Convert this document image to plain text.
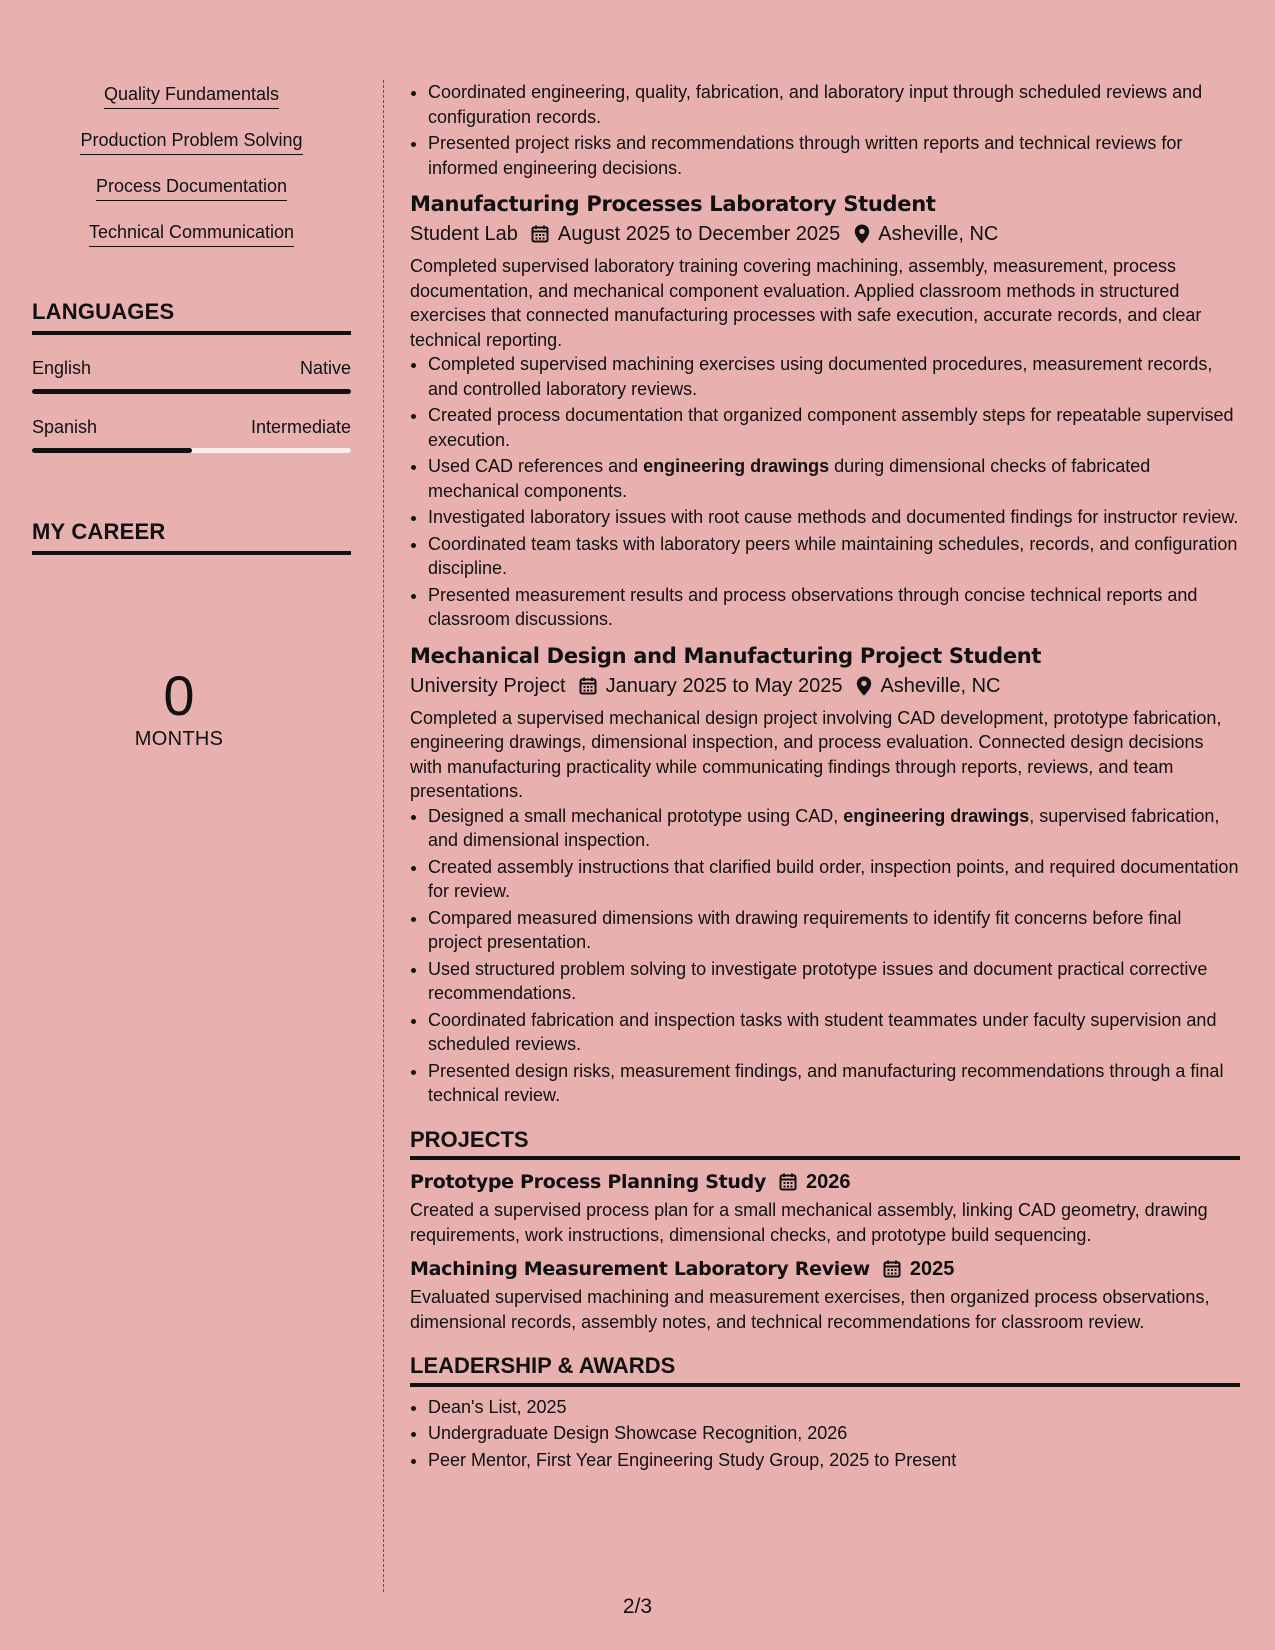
Quality Fundamentals
Production Problem Solving
Process Documentation
Technical Communication
LANGUAGES
English	Native
Spanish	Intermediate
MY CAREER
0
MONTHS
• Coordinated engineering, quality, fabrication, and laboratory input through scheduled reviews and configuration records.
• Presented project risks and recommendations through written reports and technical reviews for informed engineering decisions.
Manufacturing Processes Laboratory Student
Student Lab August 2025 to December 2025 Asheville, NC

Completed supervised laboratory training covering machining, assembly, measurement, process documentation, and mechanical component evaluation. Applied classroom methods in structured exercises that connected manufacturing processes with safe execution, accurate records, and clear technical reporting.

• Completed supervised machining exercises using documented procedures, measurement records, and controlled laboratory reviews.
• Created process documentation that organized component assembly steps for repeatable supervised execution.
• Used CAD references and engineering drawings during dimensional checks of fabricated mechanical components.
• Investigated laboratory issues with root cause methods and documented findings for instructor review.
• Coordinated team tasks with laboratory peers while maintaining schedules, records, and configuration discipline.
• Presented measurement results and process observations through concise technical reports and classroom discussions.
Mechanical Design and Manufacturing Project Student
University Project January 2025 to May 2025 Asheville, NC

Completed a supervised mechanical design project involving CAD development, prototype fabrication, engineering drawings, dimensional inspection, and process evaluation. Connected design decisions with manufacturing practicality while communicating findings through reports, reviews, and team presentations.

• Designed a small mechanical prototype using CAD, engineering drawings, supervised fabrication, and dimensional inspection.
• Created assembly instructions that clarified build order, inspection points, and required documentation for review.
• Compared measured dimensions with drawing requirements to identify fit concerns before final project presentation.
• Used structured problem solving to investigate prototype issues and document practical corrective recommendations.
• Coordinated fabrication and inspection tasks with student teammates under faculty supervision and scheduled reviews.
• Presented design risks, measurement findings, and manufacturing recommendations through a final technical review.
PROJECTS
Prototype Process Planning Study 2026

Created a supervised process plan for a small mechanical assembly, linking CAD geometry, drawing requirements, work instructions, dimensional checks, and prototype build sequencing.

Machining Measurement Laboratory Review 2025

Evaluated supervised machining and measurement exercises, then organized process observations, dimensional records, assembly notes, and technical recommendations for classroom review.

LEADERSHIP & AWARDS
• Dean's List, 2025
• Undergraduate Design Showcase Recognition, 2026
• Peer Mentor, First Year Engineering Study Group, 2025 to Present
2/3
